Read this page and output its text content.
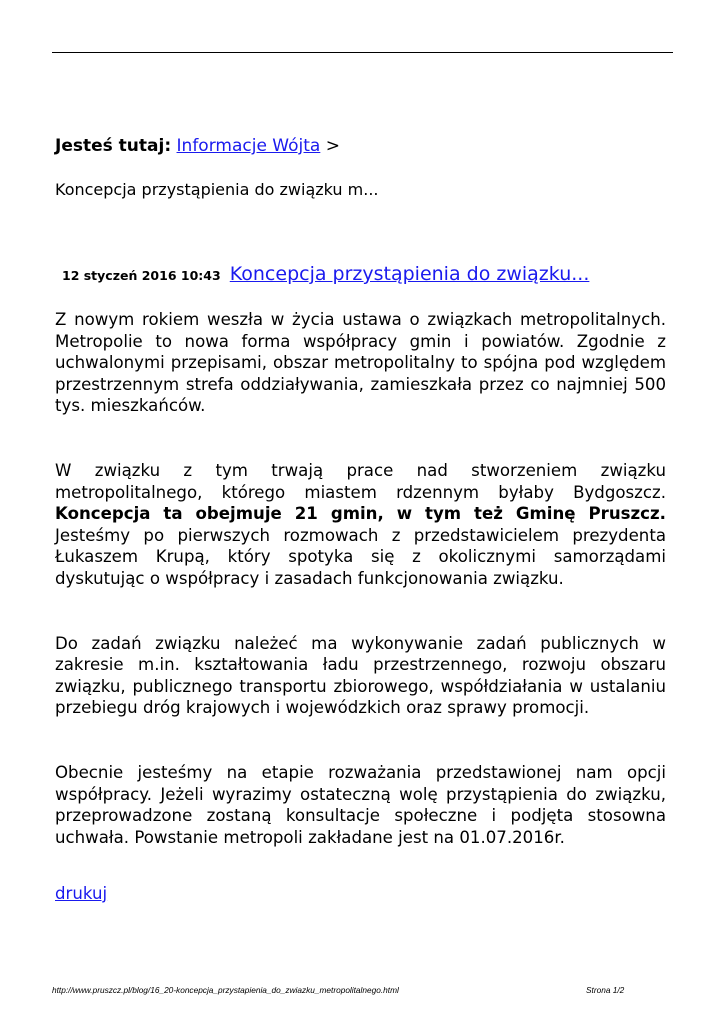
Jesteś tutaj: Informacje Wójta >
Koncepcja przystąpienia do związku m...
12 styczeń 2016 10:43 Koncepcja przystąpienia do związku...

Z nowym rokiem weszła w życia ustawa o związkach metropolitalnych. Metropolie to nowa forma współpracy gmin i powiatów. Zgodnie z uchwalonymi przepisami, obszar metropolitalny to spójna pod względem przestrzennym strefa oddziaływania, zamieszkała przez co najmniej 500 tys. mieszkańców.

W związku z tym trwają prace nad stworzeniem związku metropolitalnego, którego miastem rdzennym byłaby Bydgoszcz. Koncepcja ta obejmuje 21 gmin, w tym też Gminę Pruszcz. Jesteśmy po pierwszych rozmowach z przedstawicielem prezydenta Łukaszem Krupą, który spotyka się z okolicznymi samorządami dyskutując o współpracy i zasadach funkcjonowania związku.

Do zadań związku należeć ma wykonywanie zadań publicznych w zakresie m.in. kształtowania ładu przestrzennego, rozwoju obszaru związku, publicznego transportu zbiorowego, współdziałania w ustalaniu przebiegu dróg krajowych i wojewódzkich oraz sprawy promocji.

Obecnie jesteśmy na etapie rozważania przedstawionej nam opcji współpracy. Jeżeli wyrazimy ostateczną wolę przystąpienia do związku, przeprowadzone zostaną konsultacje społeczne i podjęta stosowna uchwała. Powstanie metropoli zakładane jest na 01.07.2016r.

drukuj
http://www.pruszcz.pl/blog/16_20-koncepcja_przystapienia_do_zwiazku_metropolitalnego.html	Strona 1/2
